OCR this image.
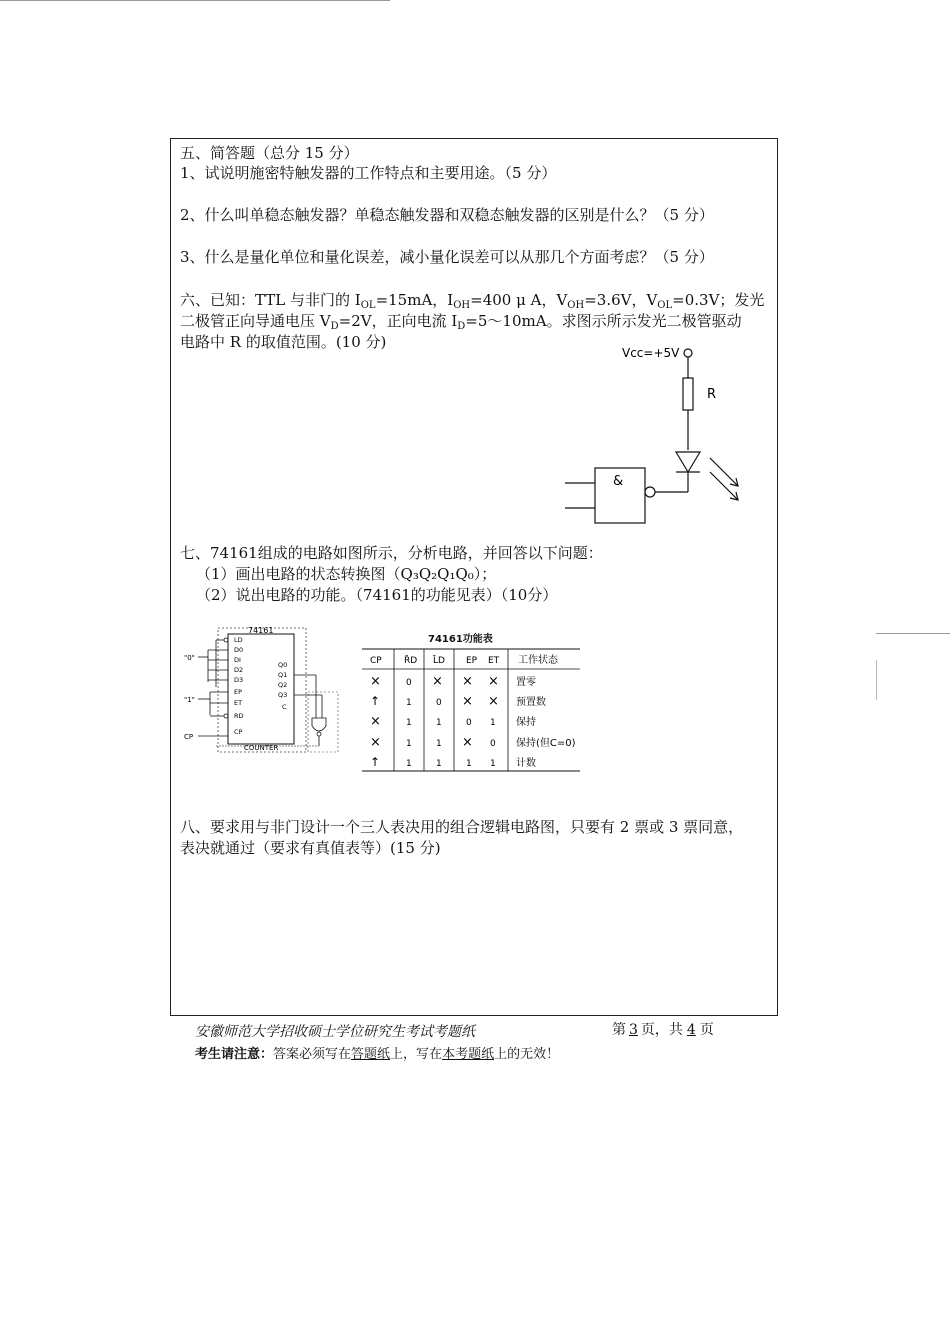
五、简答题（总分 15 分）
1、试说明施密特触发器的工作特点和主要用途。（5 分）
2、什么叫单稳态触发器？单稳态触发器和双稳态触发器的区别是什么？（5 分）
3、什么是量化单位和量化误差，减小量化误差可以从那几个方面考虑？（5 分）
六、已知：TTL 与非门的 $I_{OL}=15mA$，$I_{OH}=400$ μ A，$V_{OH}=3.6V$，$V_{OL}=0.3V$；发光
二极管正向导通电压 $V_D=2V$，正向电流 $I_D=5\sim 10mA$。求图示所示发光二极管驱动
电路中 R 的取值范围。(10 分)
Vcc=+5V
R
&
七、74161组成的电路如图所示，分析电路，并回答以下问题：
（1）画出电路的状态转换图（Q₃Q₂Q₁Q₀）；
（2）说出电路的功能。（74161的功能见表）（10分）
74161
LD
D0
DI
D2
D3
EP
ET
RD
CP
Q0
Q1
Q2
Q3
C
COUNTER
"0"
"1"
CP
74161功能表
CP R̄D L̄D EP ET 工作状态
×	0 × × × 置零
↑	1	0 × × 预置数
×	1	1	0 1 保持
×	1	1 × 0 保持(但C=0)
↑	1	1	1 1 计数
八、要求用与非门设计一个三人表决用的组合逻辑电路图，只要有 2 票或 3 票同意，
表决就通过（要求有真值表等）(15 分)
安徽师范大学招收硕士学位研究生考试考题纸	第 3 页，共 4 页
考生请注意：答案必须写在答题纸上，写在本考题纸上的无效！
